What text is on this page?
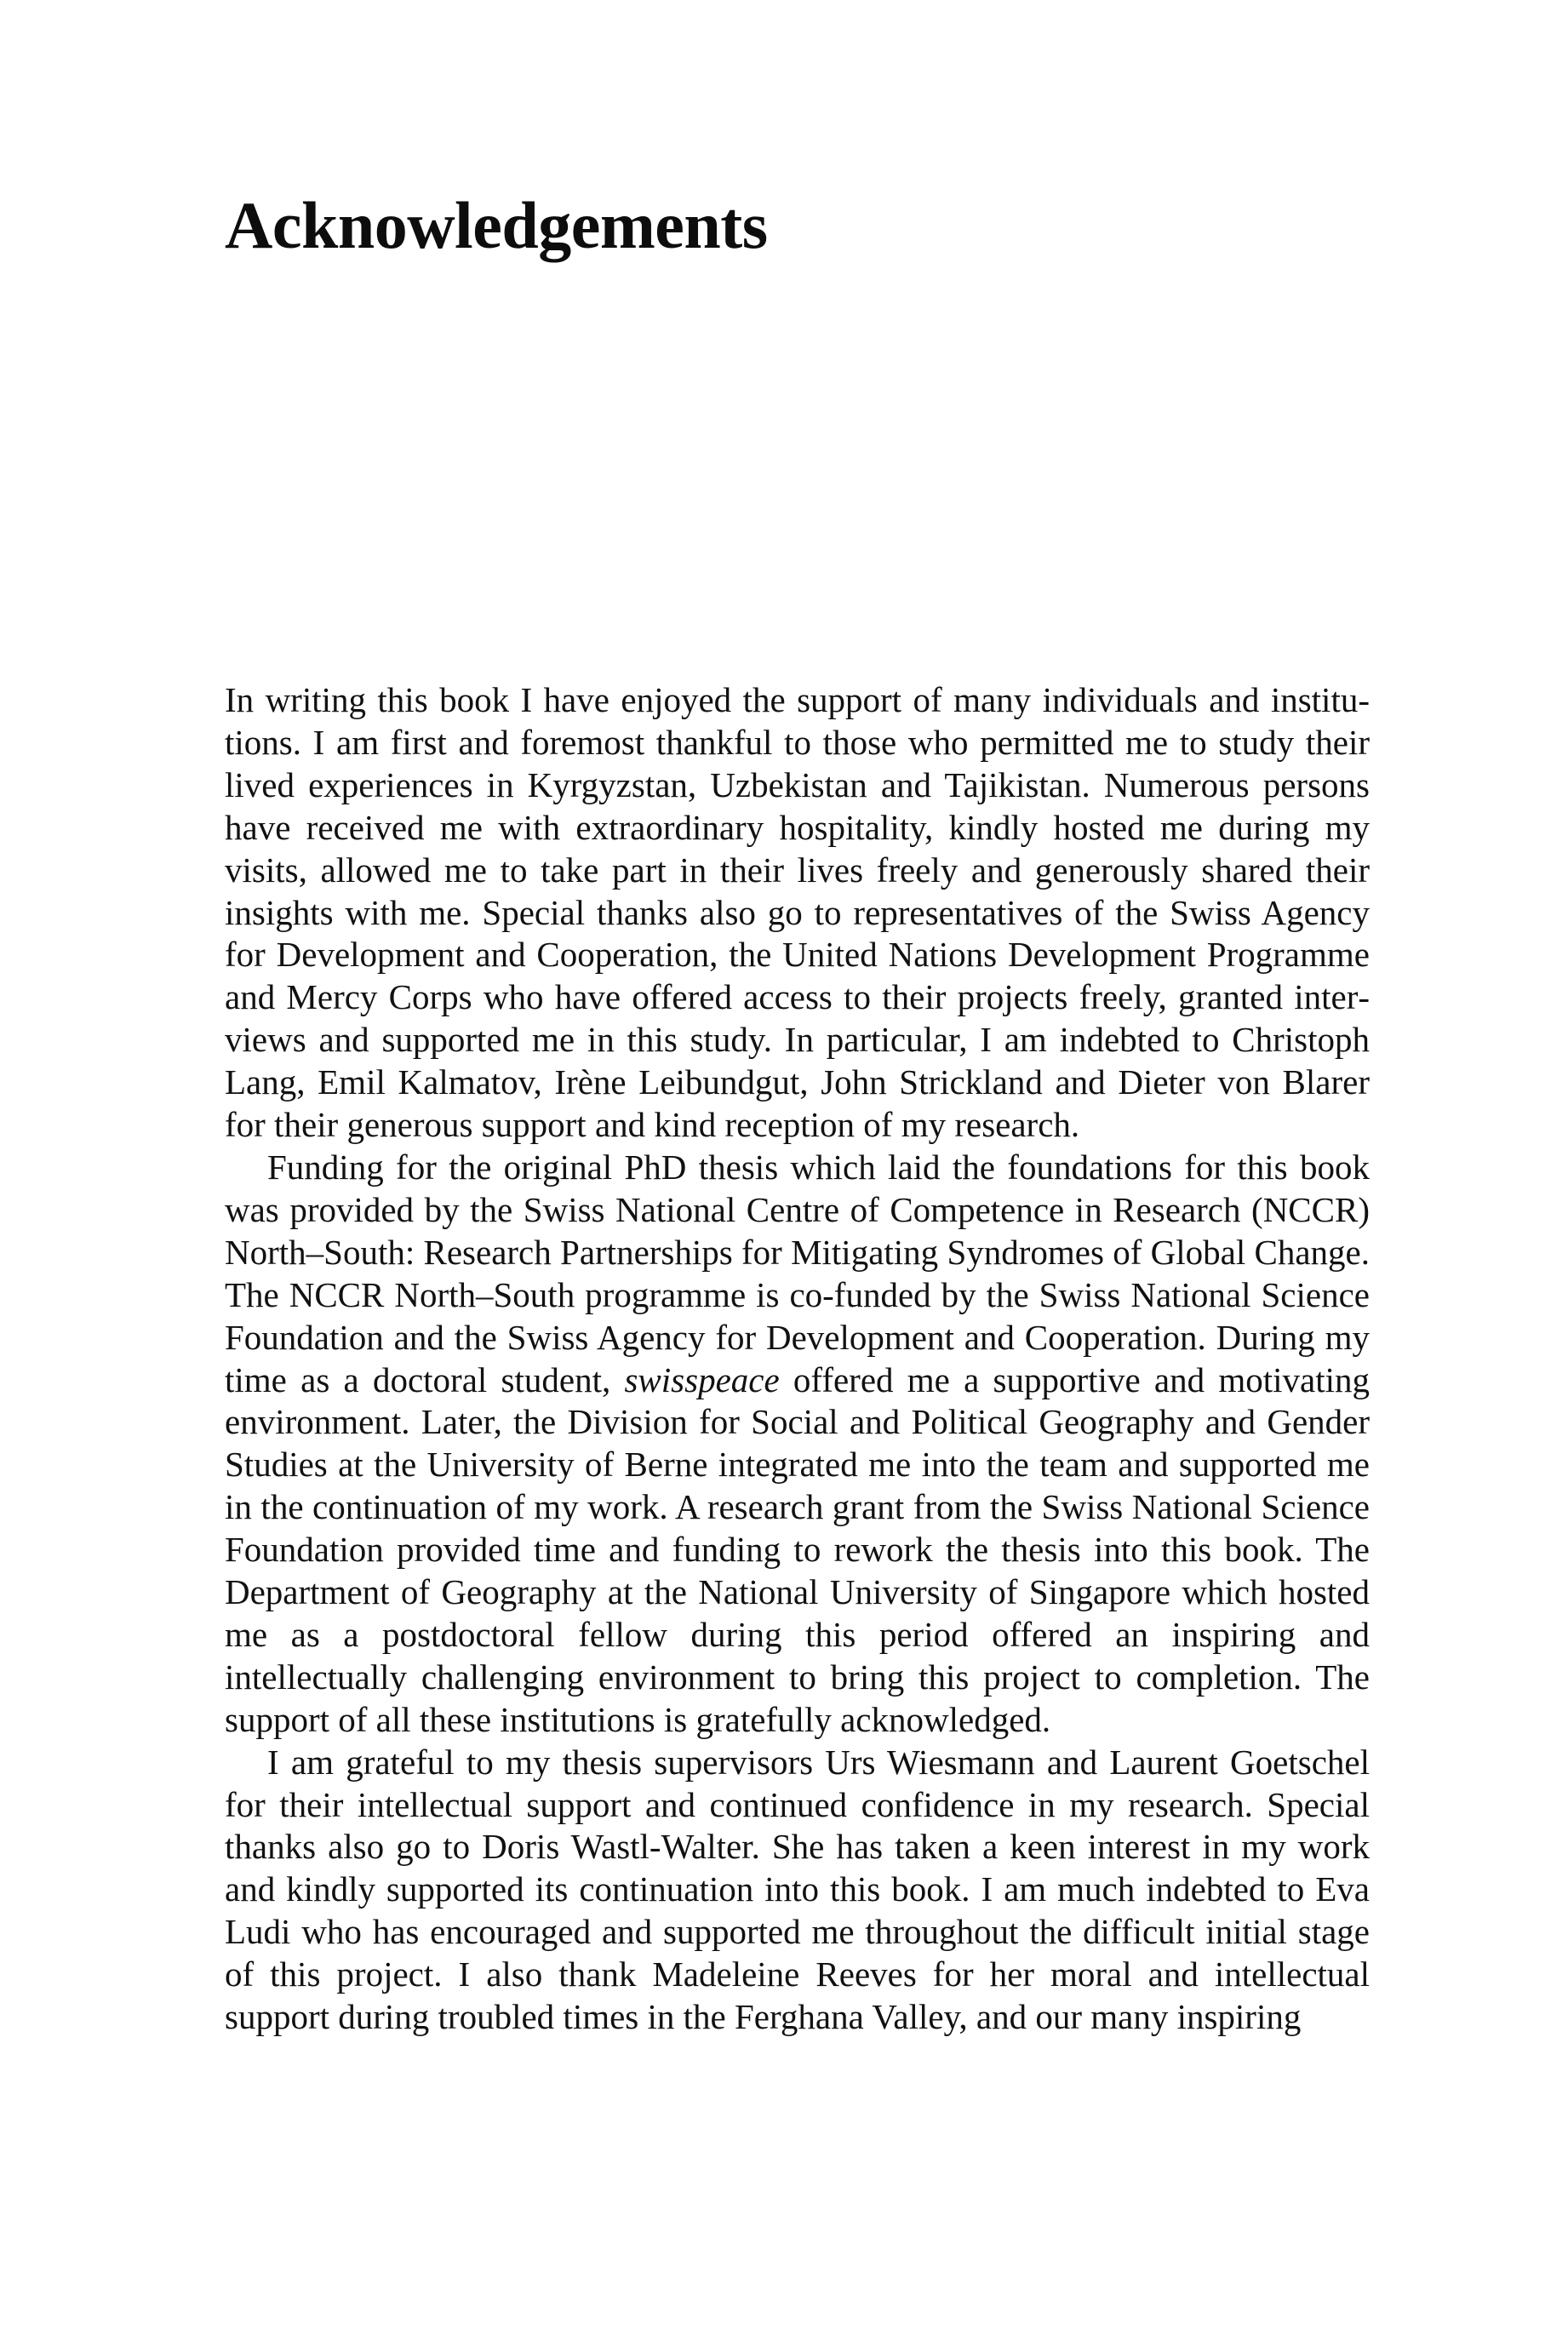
Acknowledgements

In writing this book I have enjoyed the support of many individuals and institutions. I am first and foremost thankful to those who permitted me to study their lived experiences in Kyrgyzstan, Uzbekistan and Tajikistan. Numerous persons have received me with extraordinary hospitality, kindly hosted me during my visits, allowed me to take part in their lives freely and generously shared their insights with me. Special thanks also go to representatives of the Swiss Agency for Development and Cooperation, the United Nations Development Programme and Mercy Corps who have offered access to their projects freely, granted interviews and supported me in this study. In particular, I am indebted to Christoph Lang, Emil Kalmatov, Irène Leibundgut, John Strickland and Dieter von Blarer for their generous support and kind reception of my research.

Funding for the original PhD thesis which laid the foundations for this book was provided by the Swiss National Centre of Competence in Research (NCCR) North–South: Research Partnerships for Mitigating Syndromes of Global Change. The NCCR North–South programme is co-funded by the Swiss National Science Foundation and the Swiss Agency for Development and Cooperation. During my time as a doctoral student, swisspeace offered me a supportive and motivating environment. Later, the Division for Social and Political Geography and Gender Studies at the University of Berne integrated me into the team and supported me in the continuation of my work. A research grant from the Swiss National Science Foundation provided time and funding to rework the thesis into this book. The Department of Geography at the National University of Singapore which hosted me as a postdoctoral fellow during this period offered an inspiring and intellectually challenging environment to bring this project to completion. The support of all these institutions is gratefully acknowledged.

I am grateful to my thesis supervisors Urs Wiesmann and Laurent Goetschel for their intellectual support and continued confidence in my research. Special thanks also go to Doris Wastl-Walter. She has taken a keen interest in my work and kindly supported its continuation into this book. I am much indebted to Eva Ludi who has encouraged and supported me throughout the difficult initial stage of this project. I also thank Madeleine Reeves for her moral and intellectual support during troubled times in the Ferghana Valley, and our many inspiring
